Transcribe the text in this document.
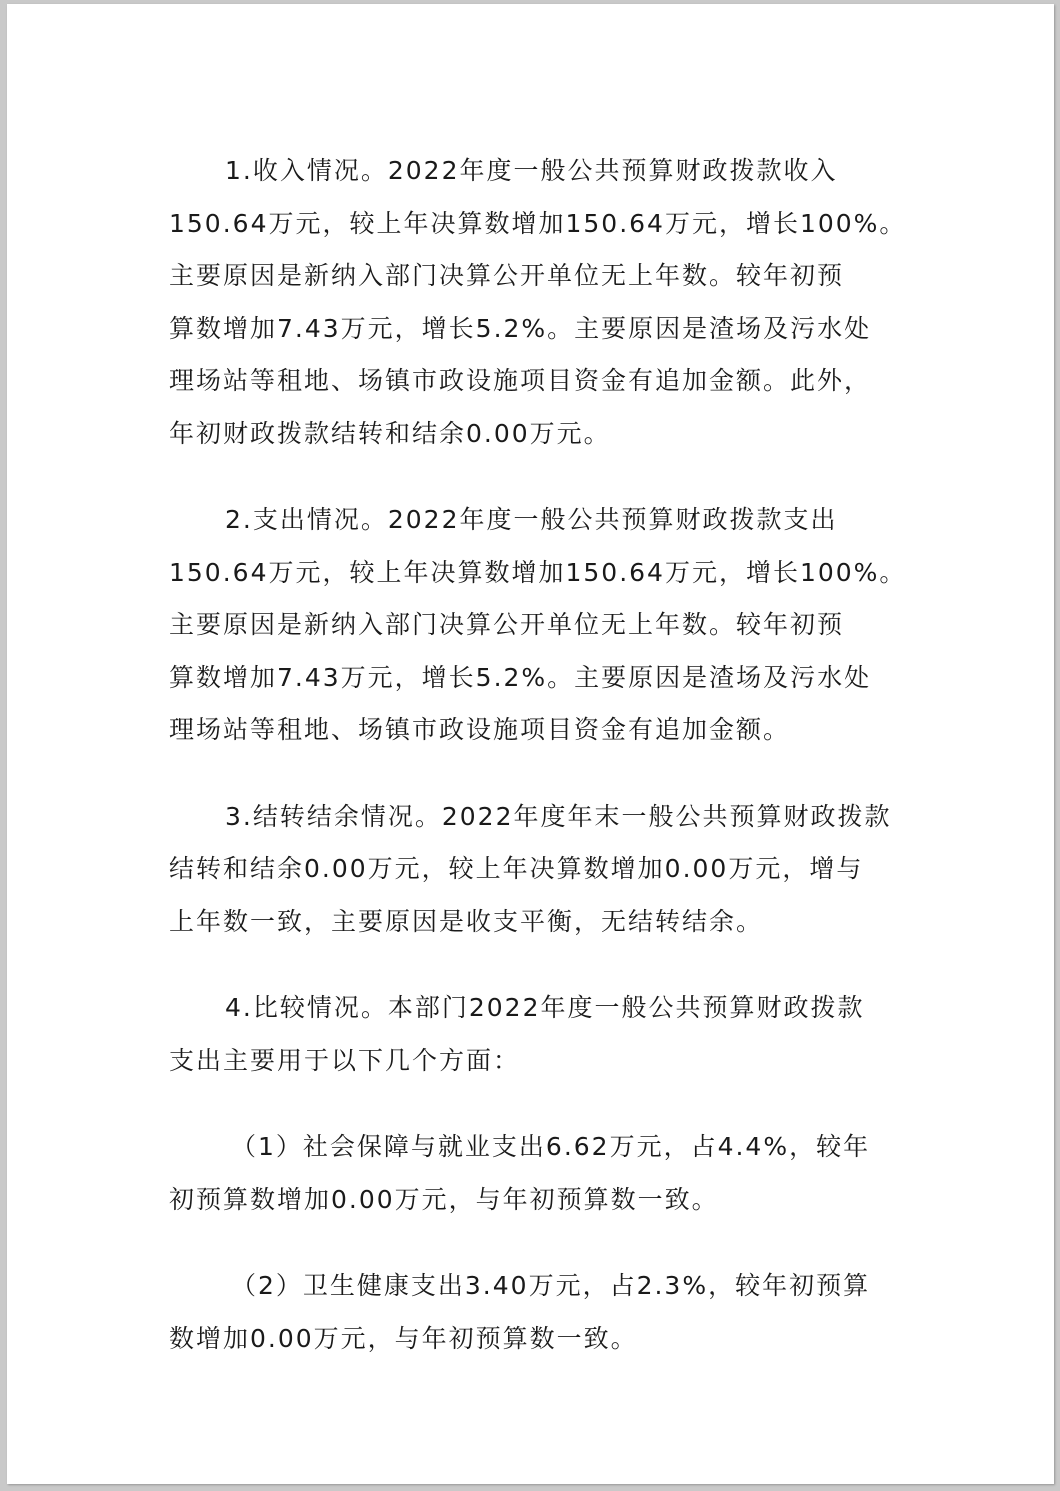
1.收入情况。2022年度一般公共预算财政拨款收入
150.64万元，较上年决算数增加150.64万元，增长100%。
主要原因是新纳入部门决算公开单位无上年数。较年初预
算数增加7.43万元，增长5.2%。主要原因是渣场及污水处
理场站等租地、场镇市政设施项目资金有追加金额。此外，
年初财政拨款结转和结余0.00万元。
2.支出情况。2022年度一般公共预算财政拨款支出
150.64万元，较上年决算数增加150.64万元，增长100%。
主要原因是新纳入部门决算公开单位无上年数。较年初预
算数增加7.43万元，增长5.2%。主要原因是渣场及污水处
理场站等租地、场镇市政设施项目资金有追加金额。
3.结转结余情况。2022年度年末一般公共预算财政拨款
结转和结余0.00万元，较上年决算数增加0.00万元，增与
上年数一致，主要原因是收支平衡，无结转结余。
4.比较情况。本部门2022年度一般公共预算财政拨款
支出主要用于以下几个方面：
（1）社会保障与就业支出6.62万元，占4.4%，较年
初预算数增加0.00万元，与年初预算数一致。
（2）卫生健康支出3.40万元，占2.3%，较年初预算
数增加0.00万元，与年初预算数一致。
